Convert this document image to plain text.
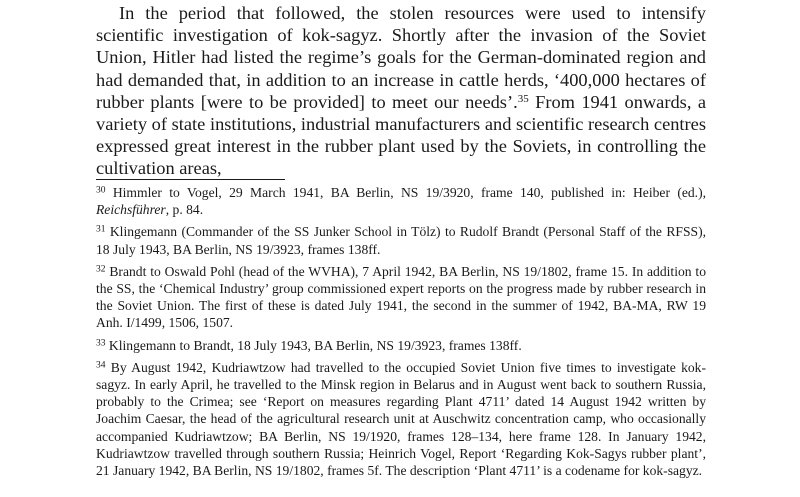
In the period that followed, the stolen resources were used to intensify scientific investigation of kok-sagyz. Shortly after the invasion of the Soviet Union, Hitler had listed the regime’s goals for the German-dominated region and had demanded that, in addition to an increase in cattle herds, ‘400,000 hectares of rubber plants [were to be provided] to meet our needs’.$^{35}$ From 1941 onwards, a variety of state institutions, industrial manufacturers and scientific research centres expressed great interest in the rubber plant used by the Soviets, in controlling the cultivation areas,

$^{30}$ Himmler to Vogel, 29 March 1941, BA Berlin, NS 19/3920, frame 140, published in: Heiber (ed.), Reichsführer, p. 84.

$^{31}$ Klingemann (Commander of the SS Junker School in Tölz) to Rudolf Brandt (Personal Staff of the RFSS), 18 July 1943, BA Berlin, NS 19/3923, frames 138ff.

$^{32}$ Brandt to Oswald Pohl (head of the WVHA), 7 April 1942, BA Berlin, NS 19/1802, frame 15. In addition to the SS, the ‘Chemical Industry’ group commissioned expert reports on the progress made by rubber research in the Soviet Union. The first of these is dated July 1941, the second in the summer of 1942, BA-MA, RW 19 Anh. I/1499, 1506, 1507.

$^{33}$ Klingemann to Brandt, 18 July 1943, BA Berlin, NS 19/3923, frames 138ff.

$^{34}$ By August 1942, Kudriawtzow had travelled to the occupied Soviet Union five times to investigate kok-sagyz. In early April, he travelled to the Minsk region in Belarus and in August went back to southern Russia, probably to the Crimea; see ‘Report on measures regarding Plant 4711’ dated 14 August 1942 written by Joachim Caesar, the head of the agricultural research unit at Auschwitz concentration camp, who occasionally accompanied Kudriawtzow; BA Berlin, NS 19/1920, frames 128–134, here frame 128. In January 1942, Kudriawtzow travelled through southern Russia; Heinrich Vogel, Report ‘Regarding Kok-Sagys rubber plant’, 21 January 1942, BA Berlin, NS 19/1802, frames 5f. The description ‘Plant 4711’ is a codename for kok-sagyz.
